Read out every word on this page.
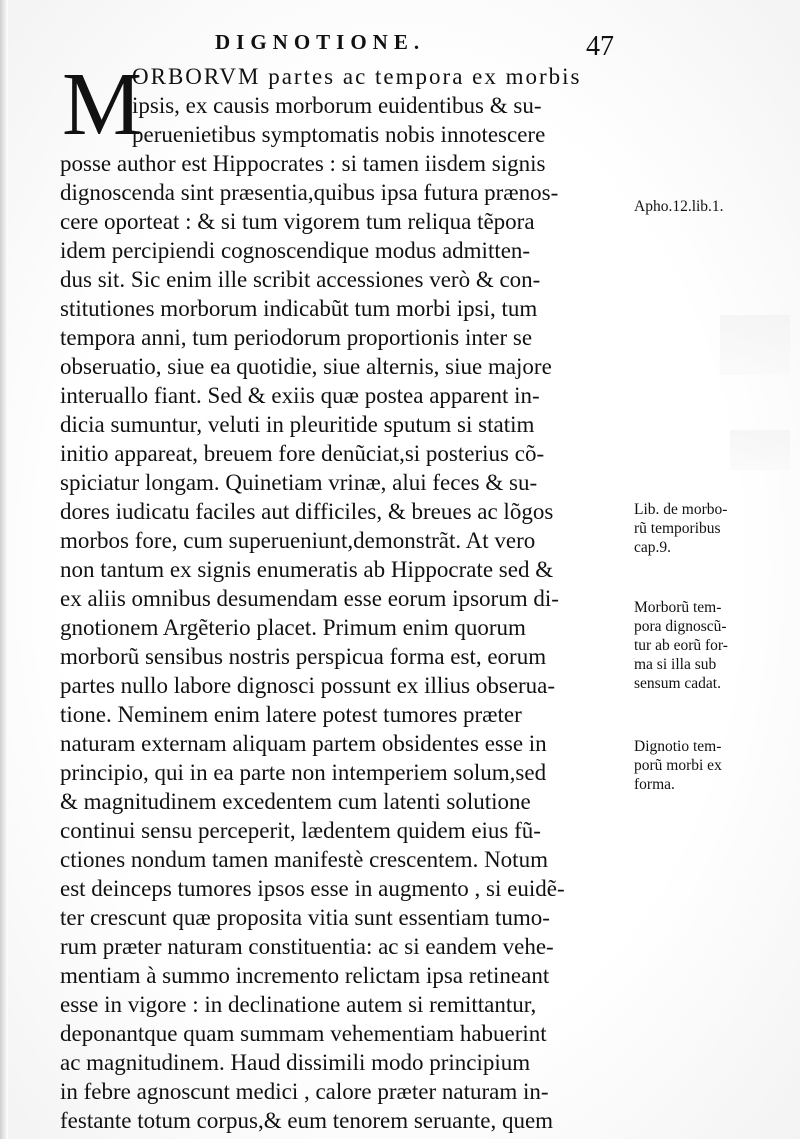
DIGNOTIONE.	47
M
ORBORVM partes ac tempora ex morbis
ipsis, ex causis morborum euidentibus & su-
peruenietibus symptomatis nobis innotescere
posse author est Hippocrates : si tamen iisdem signis
dignoscenda sint præsentia,quibus ipsa futura prænos-
cere oporteat : & si tum vigorem tum reliqua tẽpora
idem percipiendi cognoscendique modus admitten-
dus sit. Sic enim ille scribit accessiones verò & con-
stitutiones morborum indicabũt tum morbi ipsi, tum
tempora anni, tum periodorum proportionis inter se
obseruatio, siue ea quotidie, siue alternis, siue majore
interuallo fiant. Sed & exiis quæ postea apparent in-
dicia sumuntur, veluti in pleuritide sputum si statim
initio appareat, breuem fore denũciat,si posterius cõ-
spiciatur longam. Quinetiam vrinæ, alui feces & su-
dores iudicatu faciles aut difficiles, & breues ac lõgos
morbos fore, cum superueniunt,demonstrãt. At vero
non tantum ex signis enumeratis ab Hippocrate sed &
ex aliis omnibus desumendam esse eorum ipsorum di-
gnotionem Argẽterio placet. Primum enim quorum
morborũ sensibus nostris perspicua forma est, eorum
partes nullo labore dignosci possunt ex illius obserua-
tione. Neminem enim latere potest tumores præter
naturam externam aliquam partem obsidentes esse in
principio, qui in ea parte non intemperiem solum,sed
& magnitudinem excedentem cum latenti solutione
continui sensu perceperit, lædentem quidem eius fũ-
ctiones nondum tamen manifestè crescentem. Notum
est deinceps tumores ipsos esse in augmento , si euidẽ-
ter crescunt quæ proposita vitia sunt essentiam tumo-
rum præter naturam constituentia: ac si eandem vehe-
mentiam à summo incremento relictam ipsa retineant
esse in vigore : in declinatione autem si remittantur,
deponantque quam summam vehementiam habuerint
ac magnitudinem. Haud dissimili modo principium
in febre agnoscunt medici , calore præter naturam in-
festante totum corpus,& eum tenorem seruante, quem
Apho.12.lib.1.
Lib. de morbo-
rũ temporibus
cap.9.
Morborũ tem-
pora dignoscũ-
tur ab eorũ for-
ma si illa sub
sensum cadat.
Dignotio tem-
porũ morbi ex
forma.
